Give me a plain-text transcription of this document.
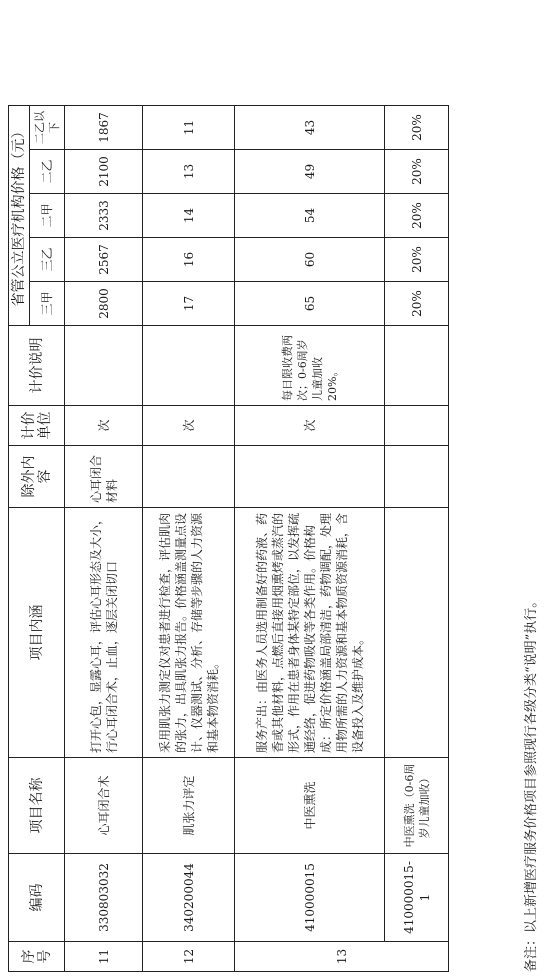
序号	编码	项目名称	项目内涵	除外内容	计价单位	计价说明	省管公立医疗机构价格（元）				
							三甲	三乙	二甲	二乙	二乙以下
11	330803032	心耳闭合术	打开心包，显露心耳，评估心耳形态及大小，行心耳闭合术，止血，逐层关闭切口	心耳闭合材料	次		2800	2567	2333	2100	1867
12	340200044	肌张力评定	采用肌张力测定仪对患者进行检查，评估肌肉的张力，出具肌张力报告。价格涵盖测量点设计、仪器测试、分析、存储等步骤的人力资源和基本物资消耗。		次		17	16	14	13	11
13	410000015	中医熏洗	服务产出：由医务人员选用制备好的药液、药香或其他材料，点燃后直接用烟熏烤或蒸汽的形式，作用在患者身体某特定部位，以发挥疏通经络，促进药物吸收等各类作用。价格构成：所定价格涵盖局部清洁，药物调配，处理用物所需的人力资源和基本物质资源消耗，含设备投入及维护成本。		次	每日限收费两次；0-6周岁儿童加收20%。	65	60	54	49	43
	410000015-1	中医熏洗（0-6周岁儿童加收）					20%	20%	20%	20%	20%
备注：以上新增医疗服务价格项目参照现行各级分类“说明”执行。
